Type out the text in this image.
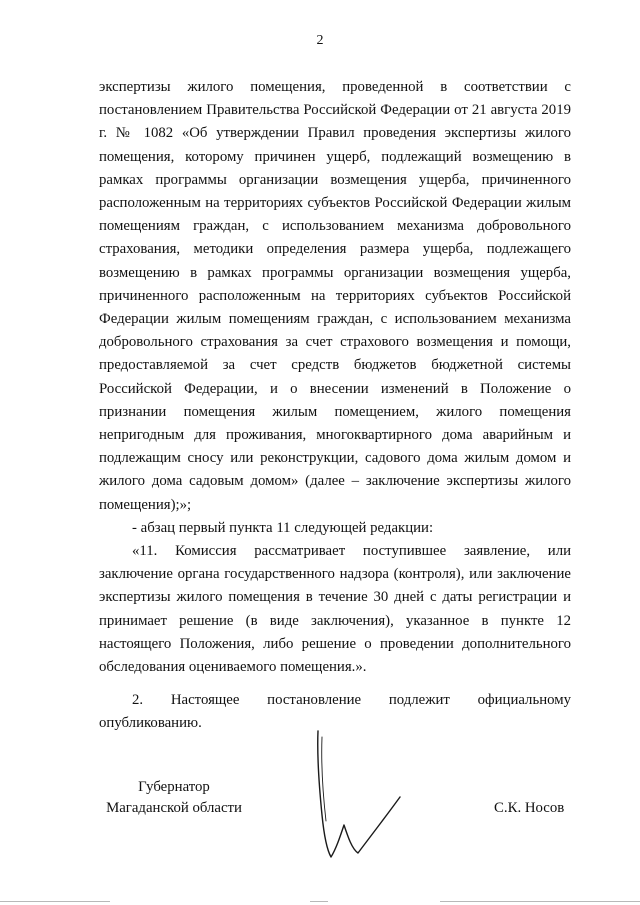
2

экспертизы жилого помещения, проведенной в соответствии с постановлением Правительства Российской Федерации от 21 августа 2019 г. № 1082 «Об утверждении Правил проведения экспертизы жилого помещения, которому причинен ущерб, подлежащий возмещению в рамках программы организации возмещения ущерба, причиненного расположенным на территориях субъектов Российской Федерации жилым помещениям граждан, с использованием механизма добровольного страхования, методики определения размера ущерба, подлежащего возмещению в рамках программы организации возмещения ущерба, причиненного расположенным на территориях субъектов Российской Федерации жилым помещениям граждан, с использованием механизма добровольного страхования за счет страхового возмещения и помощи, предоставляемой за счет средств бюджетов бюджетной системы Российской Федерации, и о внесении изменений в Положение о признании помещения жилым помещением, жилого помещения непригодным для проживания, многоквартирного дома аварийным и подлежащим сносу или реконструкции, садового дома жилым домом и жилого дома садовым домом» (далее – заключение экспертизы жилого помещения);»;

- абзац первый пункта 11 следующей редакции:

«11. Комиссия рассматривает поступившее заявление, или заключение органа государственного надзора (контроля), или заключение экспертизы жилого помещения в течение 30 дней с даты регистрации и принимает решение (в виде заключения), указанное в пункте 12 настоящего Положения, либо решение о проведении дополнительного обследования оцениваемого помещения.».

2. Настоящее постановление подлежит официальному опубликованию.

Губернатор
Магаданской области	С.К. Носов
